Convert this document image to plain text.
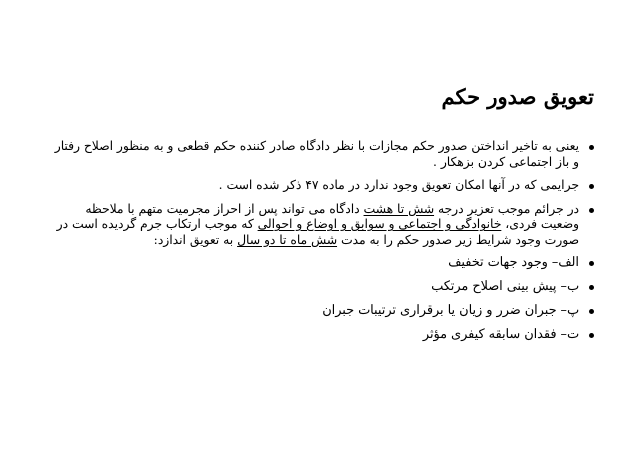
تعویق صدور حکم
یعنی به تاخیر انداختن صدور حکم مجازات با نظر دادگاه صادر کننده حکم قطعی و به منظور اصلاح رفتار و باز اجتماعی کردن بزهکار .
جرایمی که در آنها امکان تعویق وجود ندارد در ماده ۴۷ ذکر شده است .
در جرائم موجب تعزیر درجه شش تا هشت دادگاه می تواند پس از احراز مجرمیت متهم با ملاحظه وضعیت فردی، خانوادگی و اجتماعی و سوابق و اوضاع و احوالی که موجب ارتکاب جرم گردیده است در صورت وجود شرایط زیر صدور حکم را به مدت شش ماه تا دو سال به تعویق اندازد:
الف– وجود جهات تخفیف
ب– پیش بینی اصلاح مرتکب
پ– جبران ضرر و زیان یا برقراری ترتیبات جبران
ت– فقدان سابقه کیفری مؤثر
